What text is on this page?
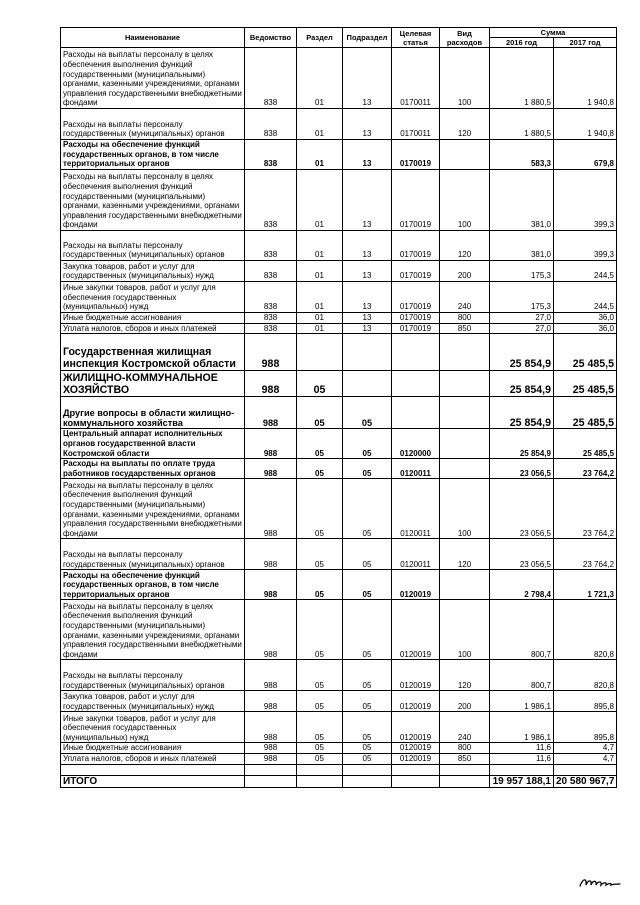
Наименование	Ведомство	Раздел	Подраздел	Целевая статья	Вид расходов	Сумма	
						2016 год	2017 год
Расходы на выплаты персоналу в целях обеспечения выполнения функций государственными (муниципальными) органами, казенными учреждениями, органами управления государственными внебюджетными фондами	838	01	13	0170011	100	1 880,5	1 940,8
Расходы на выплаты персоналу государственных (муниципальных) органов	838	01	13	0170011	120	1 880,5	1 940,8
Расходы на обеспечение функций государственных органов, в том числе территориальных органов	838	01	13	0170019		583,3	679,8
Расходы на выплаты персоналу в целях обеспечения выполнения функций государственными (муниципальными) органами, казенными учреждениями, органами управления государственными внебюджетными фондами	838	01	13	0170019	100	381,0	399,3
Расходы на выплаты персоналу государственных (муниципальных) органов	838	01	13	0170019	120	381,0	399,3
Закупка товаров, работ и услуг для государственных (муниципальных) нужд	838	01	13	0170019	200	175,3	244,5
Иные закупки товаров, работ и услуг для обеспечения государственных (муниципальных) нужд	838	01	13	0170019	240	175,3	244,5
Иные бюджетные ассигнования	838	01	13	0170019	800	27,0	36,0
Уплата налогов, сборов и иных платежей	838	01	13	0170019	850	27,0	36,0
Государственная жилищная инспекция Костромской области	988					25 854,9	25 485,5
ЖИЛИЩНО-КОММУНАЛЬНОЕ ХОЗЯЙСТВО	988	05				25 854,9	25 485,5
Другие вопросы в области жилищно-коммунального хозяйства	988	05	05			25 854,9	25 485,5
Центральный аппарат исполнительных органов государственной власти Костромской области	988	05	05	0120000		25 854,9	25 485,5
Расходы на выплаты по оплате труда работников государственных органов	988	05	05	0120011		23 056,5	23 764,2
Расходы на выплаты персоналу в целях обеспечения выполнения функций государственными (муниципальными) органами, казенными учреждениями, органами управления государственными внебюджетными фондами	988	05	05	0120011	100	23 056,5	23 764,2
Расходы на выплаты персоналу государственных (муниципальных) органов	988	05	05	0120011	120	23 056,5	23 764,2
Расходы на обеспечение функций государственных органов, в том числе территориальных органов	988	05	05	0120019		2 798,4	1 721,3
Расходы на выплаты персоналу в целях обеспечения выполнения функций государственными (муниципальными) органами, казенными учреждениями, органами управления государственными внебюджетными фондами	988	05	05	0120019	100	800,7	820,8
Расходы на выплаты персоналу государственных (муниципальных) органов	988	05	05	0120019	120	800,7	820,8
Закупка товаров, работ и услуг для государственных (муниципальных) нужд	988	05	05	0120019	200	1 986,1	895,8
Иные закупки товаров, работ и услуг для обеспечения государственных (муниципальных) нужд	988	05	05	0120019	240	1 986,1	895,8
Иные бюджетные ассигнования	988	05	05	0120019	800	11,6	4,7
Уплата налогов, сборов и иных платежей	988	05	05	0120019	850	11,6	4,7

ИТОГО						19 957 188,1	20 580 967,7
